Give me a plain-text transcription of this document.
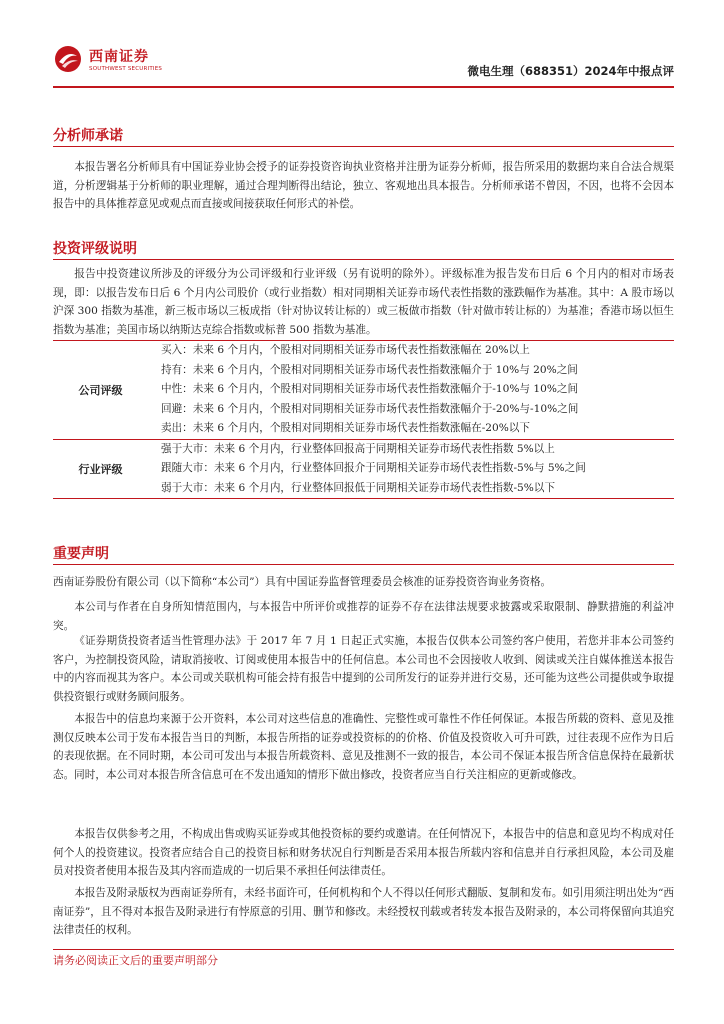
西南证券
SOUTHWEST SECURITIES	微电生理（688351）2024年中报点评
分析师承诺

本报告署名分析师具有中国证券业协会授予的证券投资咨询执业资格并注册为证券分析师，报告所采用的数据均来自合法合规渠道，分析逻辑基于分析师的职业理解，通过合理判断得出结论，独立、客观地出具本报告。分析师承诺不曾因，不因，也将不会因本报告中的具体推荐意见或观点而直接或间接获取任何形式的补偿。

投资评级说明

报告中投资建议所涉及的评级分为公司评级和行业评级（另有说明的除外）。评级标准为报告发布日后 6 个月内的相对市场表现，即：以报告发布日后 6 个月内公司股价（或行业指数）相对同期相关证券市场代表性指数的涨跌幅作为基准。其中：A 股市场以沪深 300 指数为基准，新三板市场以三板成指（针对协议转让标的）或三板做市指数（针对做市转让标的）为基准；香港市场以恒生指数为基准；美国市场以纳斯达克综合指数或标普 500 指数为基准。

公司评级
买入：未来 6 个月内，个股相对同期相关证券市场代表性指数涨幅在 20%以上
持有：未来 6 个月内，个股相对同期相关证券市场代表性指数涨幅介于 10%与 20%之间
中性：未来 6 个月内，个股相对同期相关证券市场代表性指数涨幅介于-10%与 10%之间
回避：未来 6 个月内，个股相对同期相关证券市场代表性指数涨幅介于-20%与-10%之间
卖出：未来 6 个月内，个股相对同期相关证券市场代表性指数涨幅在-20%以下
行业评级
强于大市：未来 6 个月内，行业整体回报高于同期相关证券市场代表性指数 5%以上
跟随大市：未来 6 个月内，行业整体回报介于同期相关证券市场代表性指数-5%与 5%之间
弱于大市：未来 6 个月内，行业整体回报低于同期相关证券市场代表性指数-5%以下
重要声明

西南证券股份有限公司（以下简称“本公司”）具有中国证券监督管理委员会核准的证券投资咨询业务资格。

本公司与作者在自身所知情范围内，与本报告中所评价或推荐的证券不存在法律法规要求披露或采取限制、静默措施的利益冲突。

《证券期货投资者适当性管理办法》于 2017 年 7 月 1 日起正式实施，本报告仅供本公司签约客户使用，若您并非本公司签约客户，为控制投资风险，请取消接收、订阅或使用本报告中的任何信息。本公司也不会因接收人收到、阅读或关注自媒体推送本报告中的内容而视其为客户。本公司或关联机构可能会持有报告中提到的公司所发行的证券并进行交易，还可能为这些公司提供或争取提供投资银行或财务顾问服务。

本报告中的信息均来源于公开资料，本公司对这些信息的准确性、完整性或可靠性不作任何保证。本报告所载的资料、意见及推测仅反映本公司于发布本报告当日的判断，本报告所指的证券或投资标的的价格、价值及投资收入可升可跌，过往表现不应作为日后的表现依据。在不同时期，本公司可发出与本报告所载资料、意见及推测不一致的报告，本公司不保证本报告所含信息保持在最新状态。同时，本公司对本报告所含信息可在不发出通知的情形下做出修改，投资者应当自行关注相应的更新或修改。

本报告仅供参考之用，不构成出售或购买证券或其他投资标的要约或邀请。在任何情况下，本报告中的信息和意见均不构成对任何个人的投资建议。投资者应结合自己的投资目标和财务状况自行判断是否采用本报告所载内容和信息并自行承担风险，本公司及雇员对投资者使用本报告及其内容而造成的一切后果不承担任何法律责任。

本报告及附录版权为西南证券所有，未经书面许可，任何机构和个人不得以任何形式翻版、复制和发布。如引用须注明出处为“西南证券”，且不得对本报告及附录进行有悖原意的引用、删节和修改。未经授权刊载或者转发本报告及附录的，本公司将保留向其追究法律责任的权利。

请务必阅读正文后的重要声明部分
